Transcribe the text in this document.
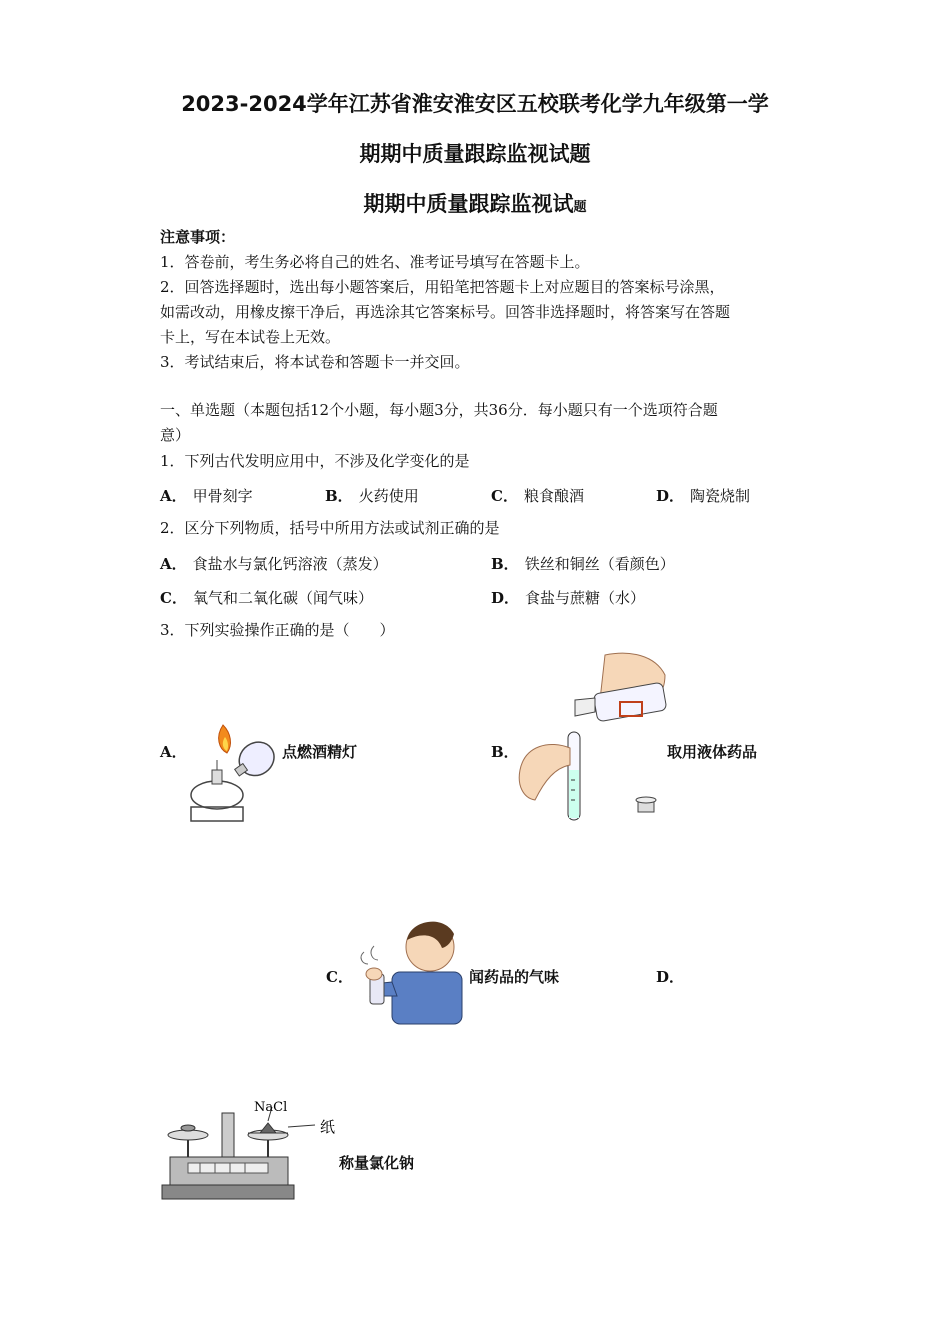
2023-2024学年江苏省淮安淮安区五校联考化学九年级第一学
期期中质量跟踪监视试题
期期中质量跟踪监视试题
注意事项：
1．答卷前，考生务必将自己的姓名、准考证号填写在答题卡上。
2．回答选择题时，选出每小题答案后，用铅笔把答题卡上对应题目的答案标号涂黑，
如需改动，用橡皮擦干净后，再选涂其它答案标号。回答非选择题时，将答案写在答题
卡上，写在本试卷上无效。
3．考试结束后，将本试卷和答题卡一并交回。
一、单选题（本题包括12个小题，每小题3分，共36分．每小题只有一个选项符合题
意）
1．下列古代发明应用中，不涉及化学变化的是
A． 甲骨刻字	B． 火药使用	C． 粮食酿酒	D． 陶瓷烧制
2．区分下列物质，括号中所用方法或试剂正确的是
A． 食盐水与氯化钙溶液（蒸发）	B． 铁丝和铜丝（看颜色）
C． 氧气和二氧化碳（闻气味）	D． 食盐与蔗糖（水）
3．下列实验操作正确的是（　　）
A．	点燃酒精灯	B．	取用液体药品
C．	闻药品的气味	D．
NaCl
纸
称量氯化钠
